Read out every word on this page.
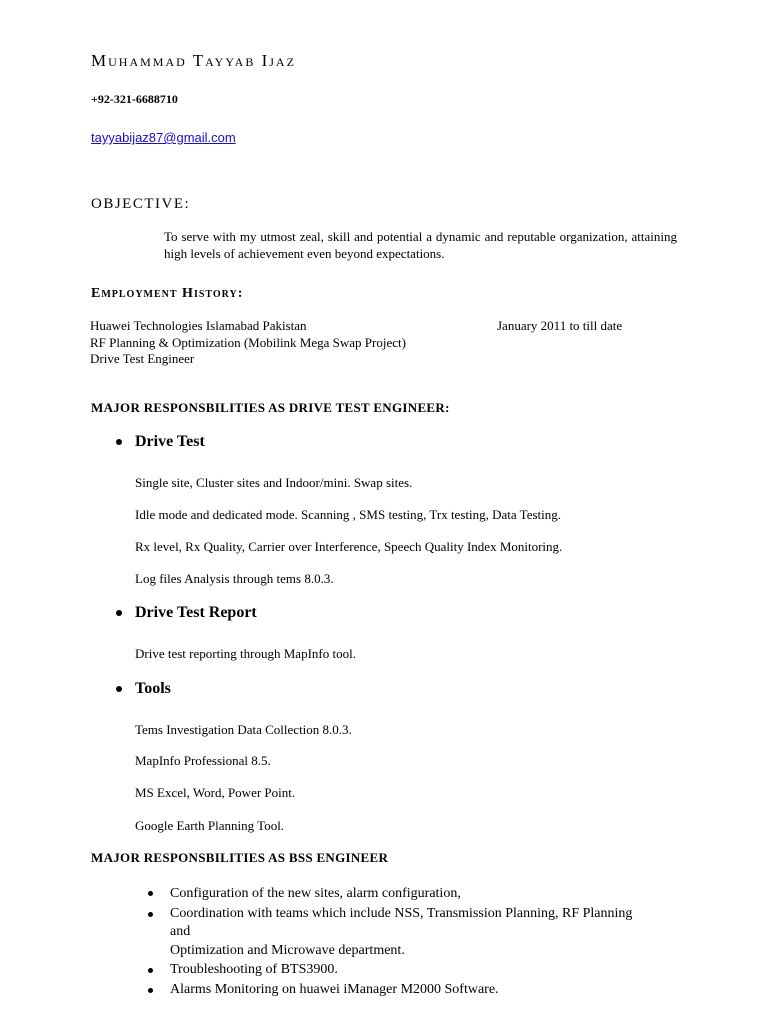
Muhammad Tayyab Ijaz
+92-321-6688710
tayyabijaz87@gmail.com
OBJECTIVE:
To serve with my utmost zeal, skill and potential a dynamic and reputable organization, attaining high levels of achievement even beyond expectations.
Employment History:
Huawei Technologies Islamabad Pakistan	January 2011 to till date
RF Planning & Optimization (Mobilink Mega Swap Project)
Drive Test Engineer
MAJOR RESPONSBILITIES AS DRIVE TEST ENGINEER:
Drive Test
Single site, Cluster sites and Indoor/mini. Swap sites.
Idle mode and dedicated mode. Scanning , SMS testing, Trx testing, Data Testing.
Rx level, Rx Quality, Carrier over Interference, Speech Quality Index Monitoring.
Log files Analysis through tems 8.0.3.
Drive Test Report
Drive test reporting through MapInfo tool.
Tools
Tems Investigation Data Collection 8.0.3.
MapInfo Professional 8.5.
MS Excel, Word, Power Point.
Google Earth Planning Tool.
MAJOR RESPONSBILITIES AS BSS ENGINEER
Configuration of the new sites, alarm configuration,
Coordination with teams which include NSS, Transmission Planning, RF Planning
and
Optimization and Microwave department.
Troubleshooting of BTS3900.
Alarms Monitoring on huawei iManager M2000 Software.
